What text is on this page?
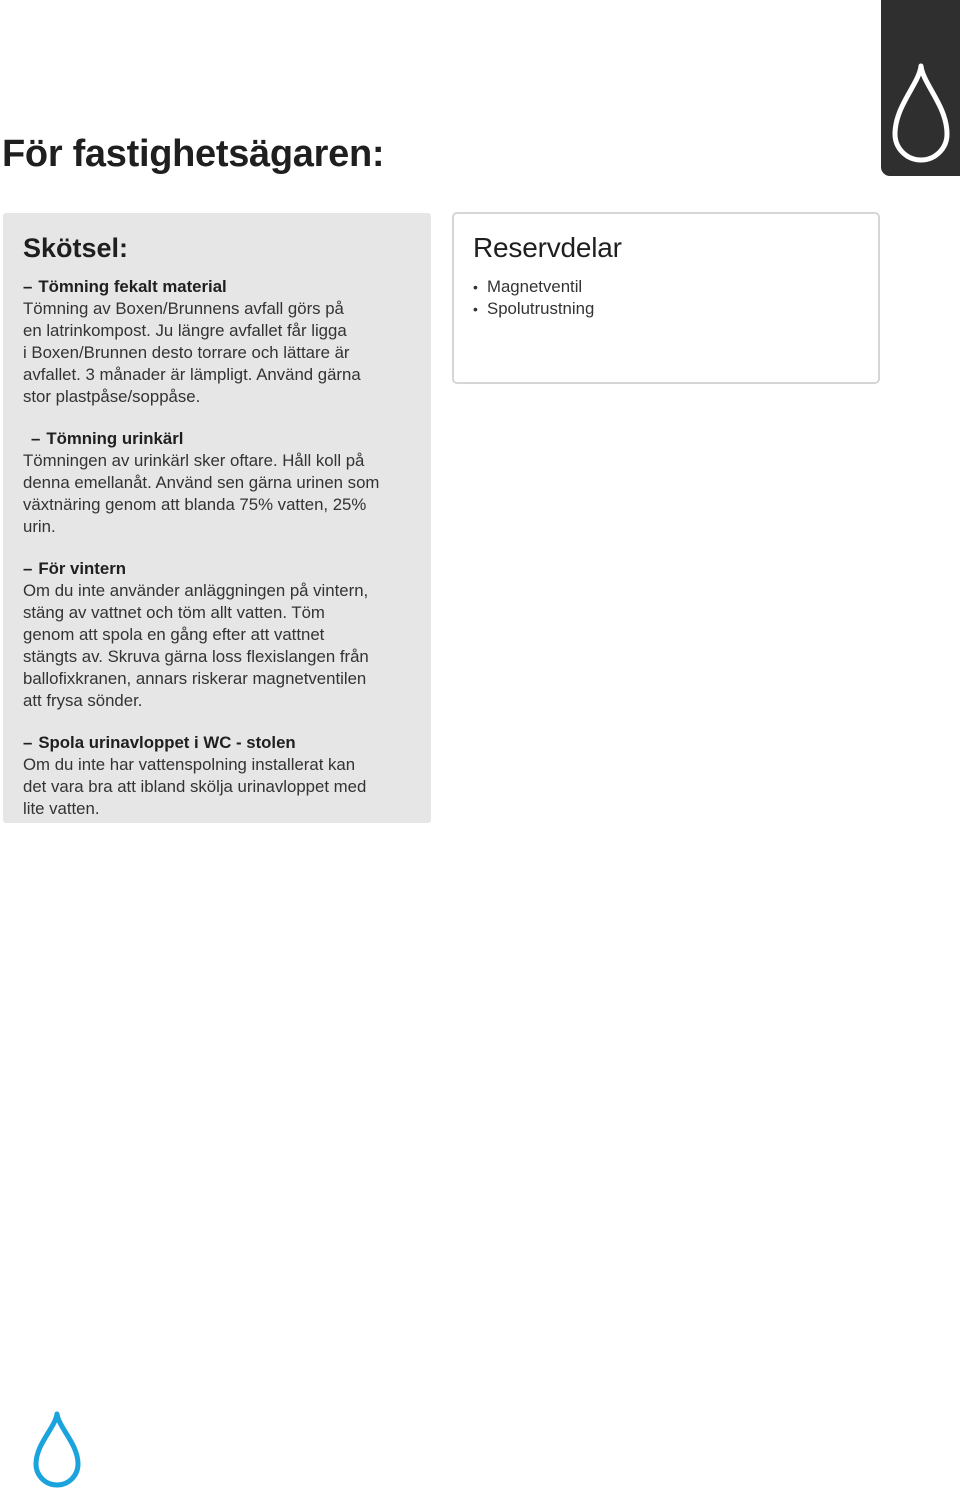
För fastighetsägaren:
Skötsel:
– Tömning fekalt material

Tömning av Boxen/Brunnens avfall görs på

en latrinkompost. Ju längre avfallet får ligga

i Boxen/Brunnen desto torrare och lättare är

avfallet. 3 månader är lämpligt. Använd gärna

stor plastpåse/soppåse.

– Tömning urinkärl

Tömningen av urinkärl sker oftare. Håll koll på

denna emellanåt. Använd sen gärna urinen som

växtnäring genom att blanda 75% vatten, 25%

urin.

– För vintern

Om du inte använder anläggningen på vintern,

stäng av vattnet och töm allt vatten. Töm

genom att spola en gång efter att vattnet

stängts av. Skruva gärna loss flexislangen från

ballofixkranen, annars riskerar magnetventilen

att frysa sönder.

– Spola urinavloppet i WC - stolen

Om du inte har vattenspolning installerat kan

det vara bra att ibland skölja urinavloppet med

lite vatten.

Reservdelar
• Magnetventil
• Spolutrustning
